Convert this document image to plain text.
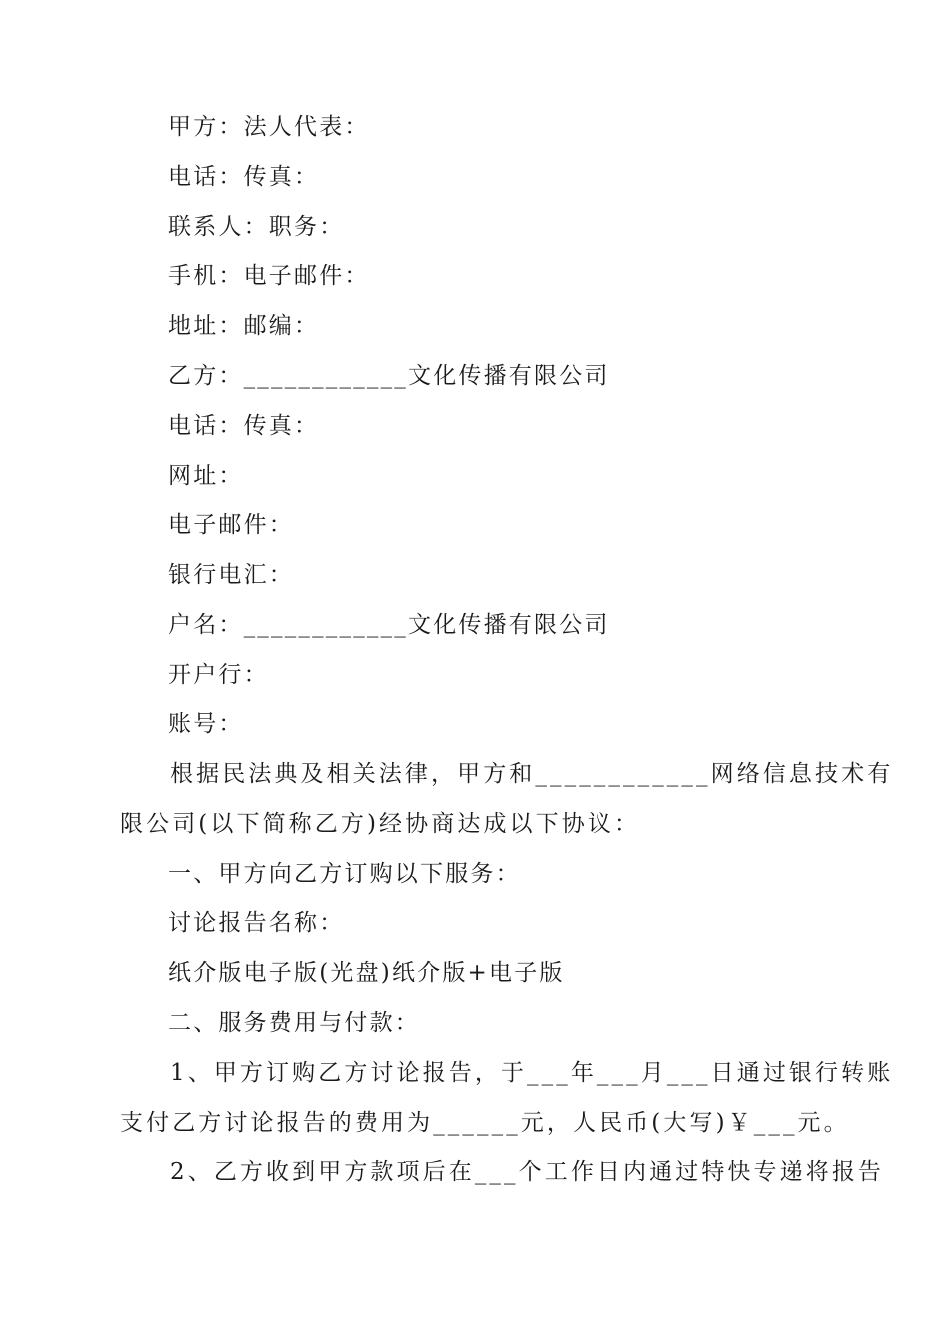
甲方：法人代表：
电话：传真：
联系人：职务：
手机：电子邮件：
地址：邮编：
乙方：____________文化传播有限公司
电话：传真：
网址：
电子邮件：
银行电汇：
户名：____________文化传播有限公司
开户行：
账号：
根据民法典及相关法律，甲方和____________网络信息技术有
限公司(以下简称乙方)经协商达成以下协议：
一、甲方向乙方订购以下服务：
讨论报告名称：
纸介版电子版(光盘)纸介版+电子版
二、服务费用与付款：
1、甲方订购乙方讨论报告，于___年___月___日通过银行转账
支付乙方讨论报告的费用为______元，人民币(大写)￥___元。
2、乙方收到甲方款项后在___个工作日内通过特快专递将报告
